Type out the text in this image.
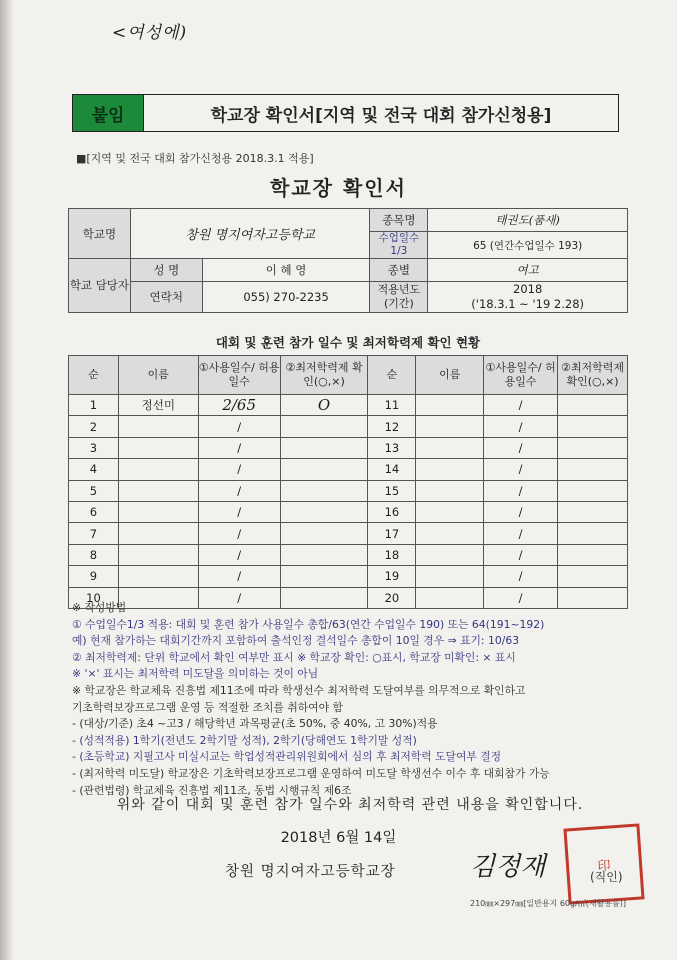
<여성에)
붙임	학교장 확인서[지역 및 전국 대회 참가신청용]
■[지역 및 전국 대회 참가신청용 2018.3.1 적용]
학교장 확인서
학교명	창원 명지여자고등학교		종목명	태권도(품새)
			수업일수 1/3	65 (연간수업일수 193)
학교 담당자	성 명	이 혜 영	종별	여고
	연락처	055) 270-2235	적용년도 (기간)	2018
('18.3.1 ~ '19 2.28)
대회 및 훈련 참가 일수 및 최저학력제 확인 현황
순	이름	①사용일수/ 허용일수	②최저학력제 확인(○,×)	순	이름	①사용일수/ 허용일수	②최저학력제 확인(○,×)
1	정선미	2/65	O	11		/	
2		/		12		/	
3		/		13		/	
4		/		14		/	
5		/		15		/	
6		/		16		/	
7		/		17		/	
8		/		18		/	
9		/		19		/	
10		/		20		/	
※ 작성방법
① 수업일수1/3 적용: 대회 및 훈련 참가 사용일수 총합/63(연간 수업일수 190) 또는 64(191~192)
예) 현재 참가하는 대회기간까지 포함하여 출석인정 결석일수 총합이 10일 경우 ⇒ 표기: 10/63
② 최저학력제: 단위 학교에서 확인 여부만 표시 ※ 학교장 확인: ○표시, 학교장 미확인: × 표시
※ '×' 표시는 최저학력 미도달을 의미하는 것이 아님
※ 학교장은 학교체육 진흥법 제11조에 따라 학생선수 최저학력 도달여부를 의무적으로 확인하고
기초학력보장프로그램 운영 등 적절한 조치를 취하여야 함
- (대상/기준) 초4 ~고3 / 해당학년 과목평균(초 50%, 중 40%, 고 30%)적용
- (성적적용) 1학기(전년도 2학기말 성적), 2학기(당해연도 1학기말 성적)
- (초등학교) 지필고사 미실시교는 학업성적관리위원회에서 심의 후 최저학력 도달여부 결정
- (최저학력 미도달) 학교장은 기초학력보장프로그램 운영하여 미도달 학생선수 이수 후 대회참가 가능
- (관련법령) 학교체육 진흥법 제11조, 동법 시행규칙 제6조
위와 같이 대회 및 훈련 참가 일수와 최저학력 관련 내용을 확인합니다.
2018년 6월 14일
창원 명지여자고등학교장	김정재	印
(직인)
210㎜×297㎜[일반용지 60g/㎡(재활용품)]
